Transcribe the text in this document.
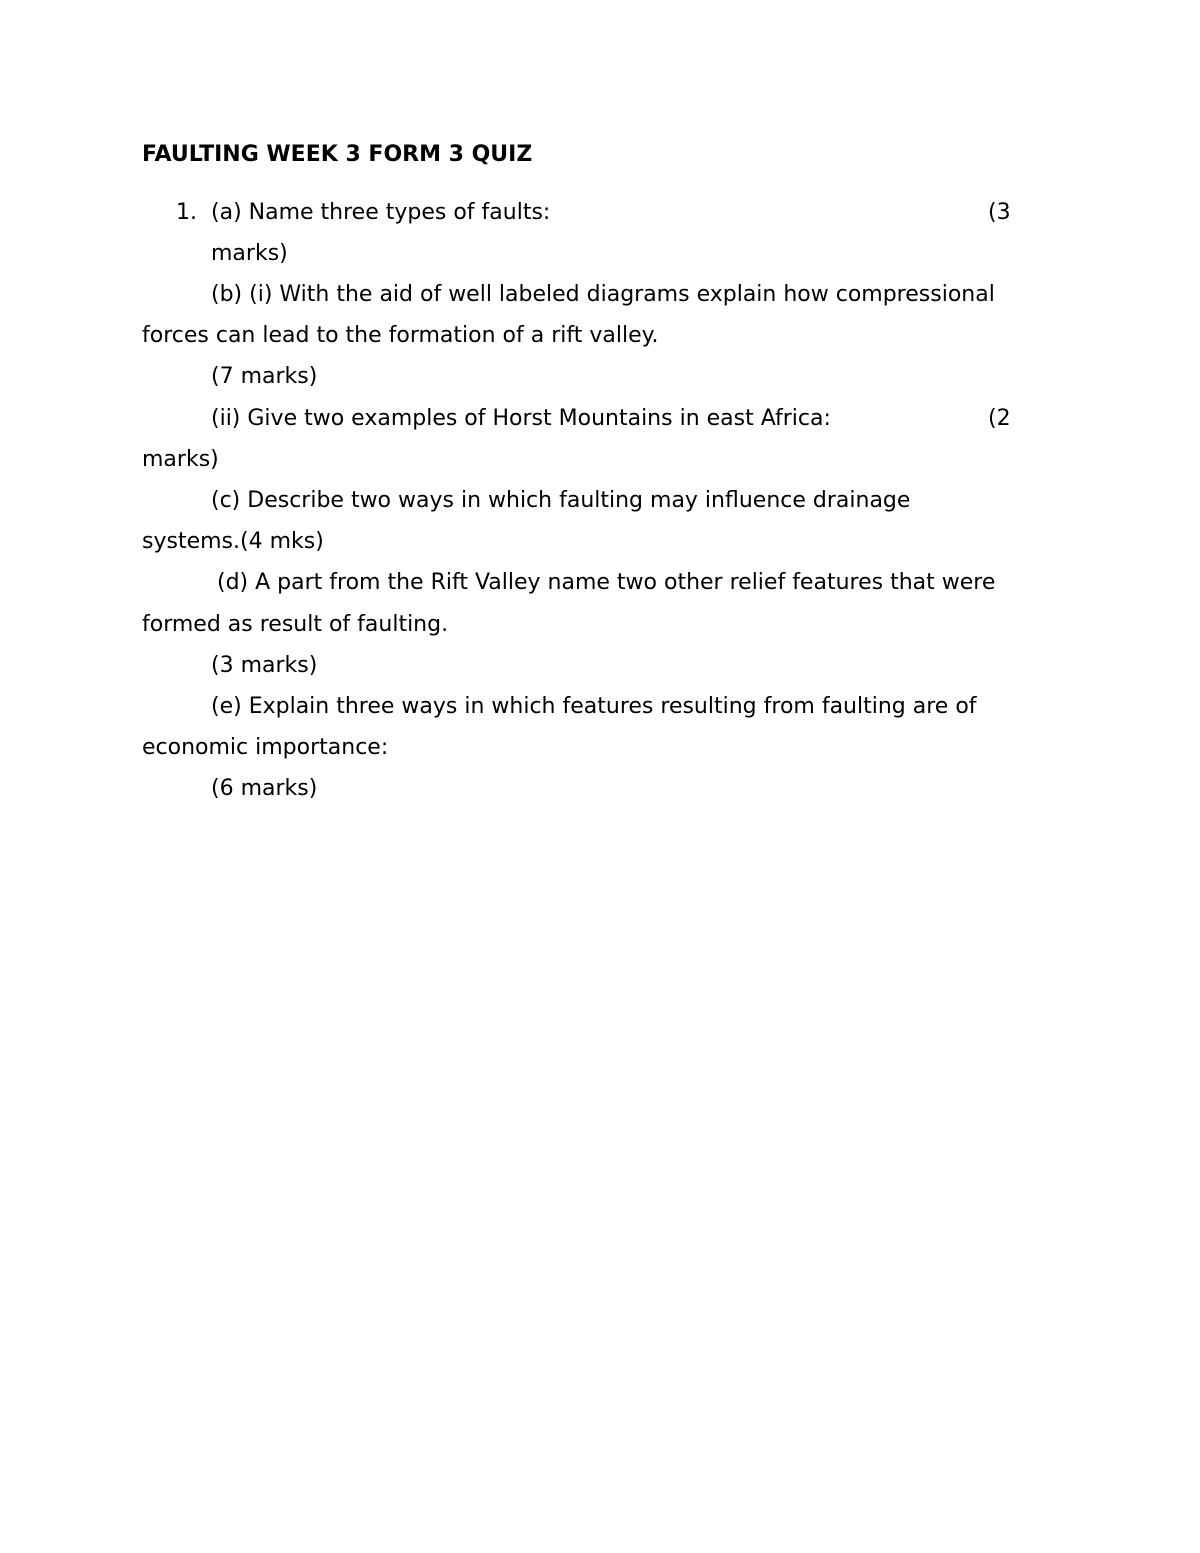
FAULTING WEEK 3 FORM 3 QUIZ
1. (a) Name three types of faults:	(3
marks)
(b) (i) With the aid of well labeled diagrams explain how compressional
forces can lead to the formation of a rift valley.
(7 marks)
(ii) Give two examples of Horst Mountains in east Africa:	(2
marks)
(c) Describe two ways in which faulting may influence drainage
systems.(4 mks)
(d) A part from the Rift Valley name two other relief features that were
formed as result of faulting.
(3 marks)
(e) Explain three ways in which features resulting from faulting are of
economic importance:
(6 marks)
